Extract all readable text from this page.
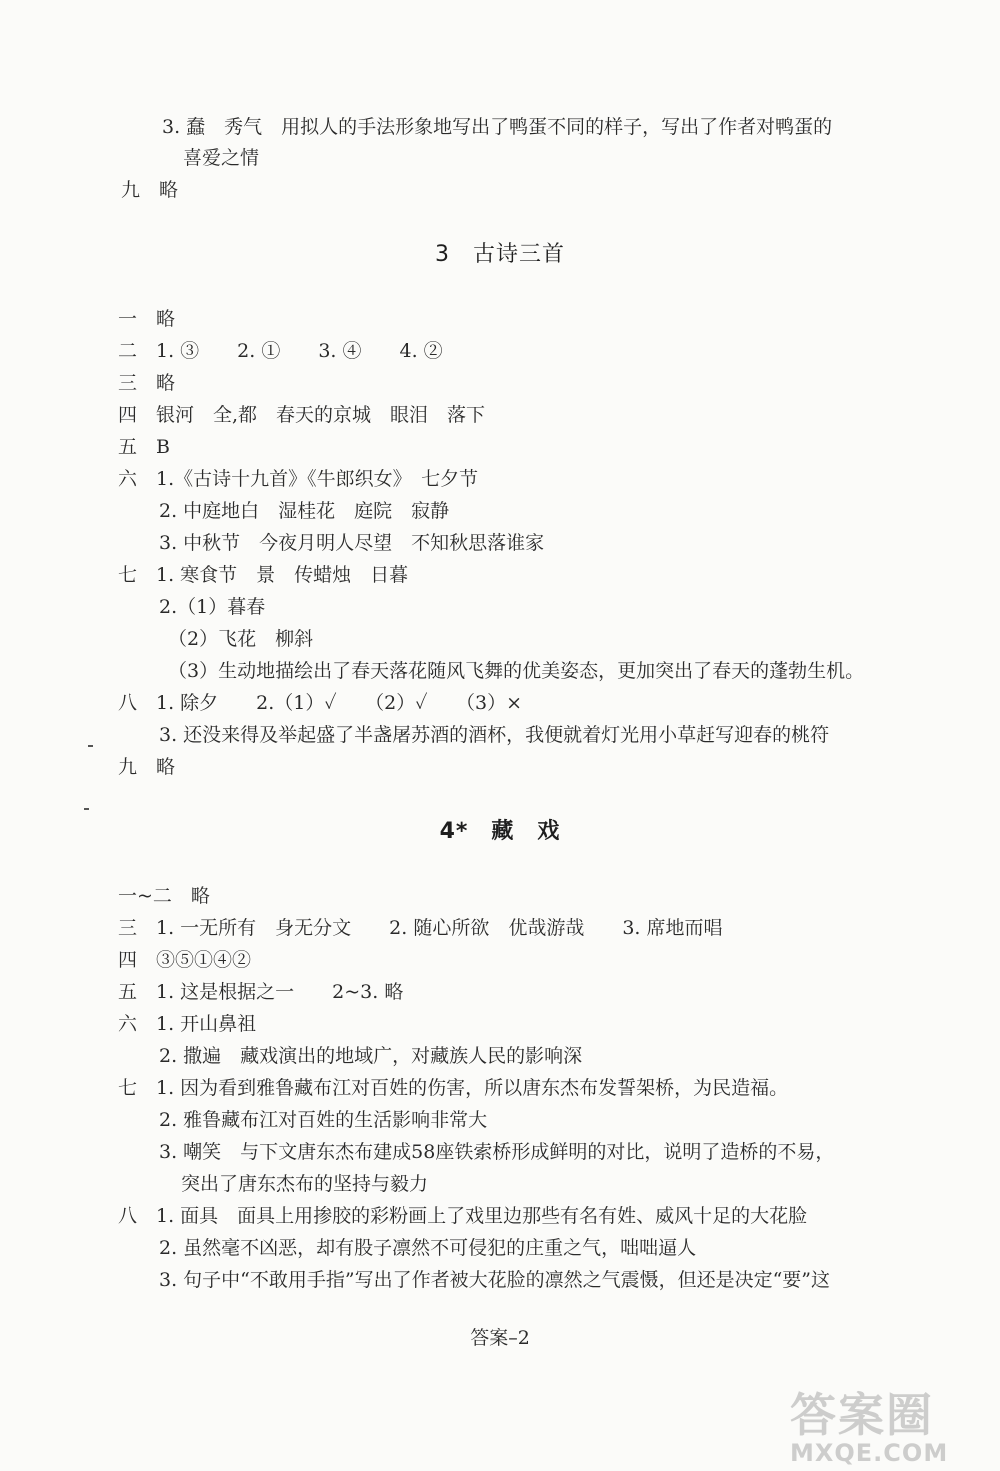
3. 蠢　秀气　用拟人的手法形象地写出了鸭蛋不同的样子，写出了作者对鸭蛋的
喜爱之情
九　略
3　古诗三首
一　略
二　1. ③　　2. ①　　3. ④　　4. ②
三　略
四　银河　全,都　春天的京城　眼泪　落下
五　B
六　1.《古诗十九首》《牛郎织女》　七夕节
2. 中庭地白　湿桂花　庭院　寂静
3. 中秋节　今夜月明人尽望　不知秋思落谁家
七　1. 寒食节　景　传蜡烛　日暮
2.（1）暮春
（2）飞花　柳斜
（3）生动地描绘出了春天落花随风飞舞的优美姿态，更加突出了春天的蓬勃生机。
八　1. 除夕　　2.（1）✓　　（2）✓　　（3）×
3. 还没来得及举起盛了半盏屠苏酒的酒杯，我便就着灯光用小草赶写迎春的桃符
九　略
4*　藏　戏
一~二　略
三　1. 一无所有　身无分文　　2. 随心所欲　优哉游哉　　3. 席地而唱
四　③⑤①④②
五　1. 这是根据之一　　2~3. 略
六　1. 开山鼻祖
2. 撒遍　藏戏演出的地域广，对藏族人民的影响深
七　1. 因为看到雅鲁藏布江对百姓的伤害，所以唐东杰布发誓架桥，为民造福。
2. 雅鲁藏布江对百姓的生活影响非常大
3. 嘲笑　与下文唐东杰布建成58座铁索桥形成鲜明的对比，说明了造桥的不易，
突出了唐东杰布的坚持与毅力
八　1. 面具　面具上用掺胶的彩粉画上了戏里边那些有名有姓、威风十足的大花脸
2. 虽然毫不凶恶，却有股子凛然不可侵犯的庄重之气，咄咄逼人
3. 句子中“不敢用手指”写出了作者被大花脸的凛然之气震慑，但还是决定“要”这
答案–2
答案圈
MXQE.COM
